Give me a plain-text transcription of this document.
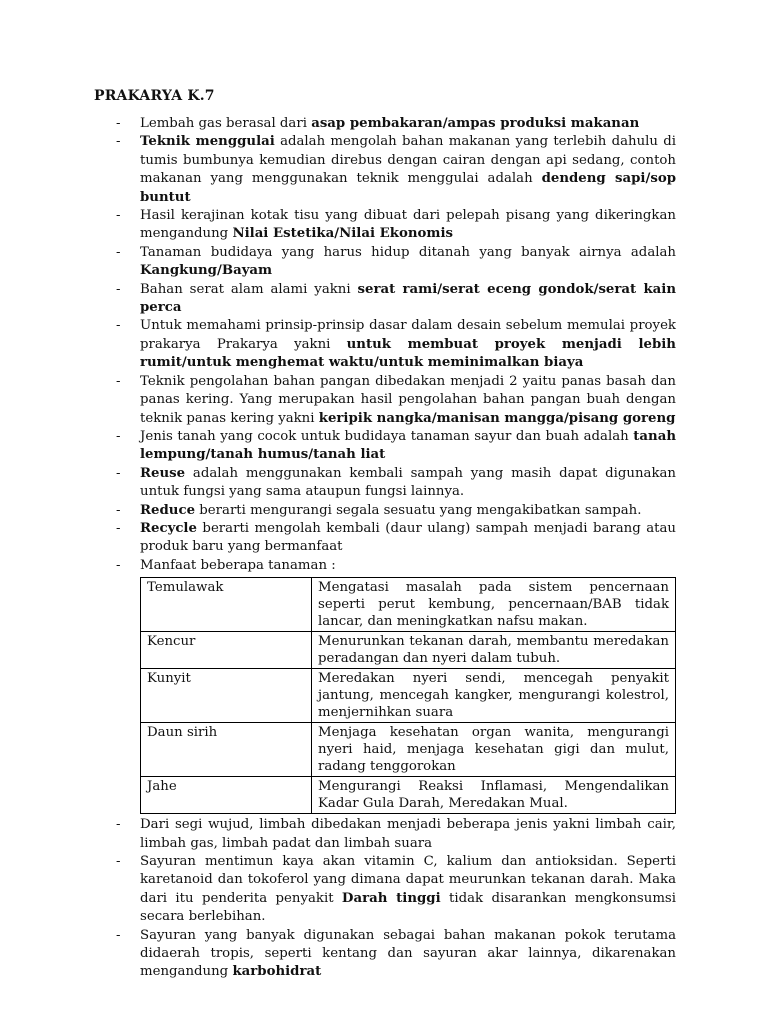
PRAKARYA K.7
- Lembah gas berasal dari asap pembakaran/ampas produksi makanan
- Teknik menggulai adalah mengolah bahan makanan yang terlebih dahulu di tumis bumbunya kemudian direbus dengan cairan dengan api sedang, contoh makanan yang menggunakan teknik menggulai adalah dendeng sapi/sop buntut
- Hasil kerajinan kotak tisu yang dibuat dari pelepah pisang yang dikeringkan mengandung Nilai Estetika/Nilai Ekonomis
- Tanaman budidaya yang harus hidup ditanah yang banyak airnya adalah Kangkung/Bayam
- Bahan serat alam alami yakni serat rami/serat eceng gondok/serat kain perca
- Untuk memahami prinsip-prinsip dasar dalam desain sebelum memulai proyek prakarya Prakarya yakni untuk membuat proyek menjadi lebih rumit/untuk menghemat waktu/untuk meminimalkan biaya
- Teknik pengolahan bahan pangan dibedakan menjadi 2 yaitu panas basah dan panas kering. Yang merupakan hasil pengolahan bahan pangan buah dengan teknik panas kering yakni keripik nangka/manisan mangga/pisang goreng
- Jenis tanah yang cocok untuk budidaya tanaman sayur dan buah adalah tanah lempung/tanah humus/tanah liat
- Reuse adalah menggunakan kembali sampah yang masih dapat digunakan untuk fungsi yang sama ataupun fungsi lainnya.
- Reduce berarti mengurangi segala sesuatu yang mengakibatkan sampah.
- Recycle berarti mengolah kembali (daur ulang) sampah menjadi barang atau produk baru yang bermanfaat
- Manfaat beberapa tanaman :
Temulawak	Mengatasi masalah pada sistem pencernaan seperti perut kembung, pencernaan/BAB tidak lancar, dan meningkatkan nafsu makan.
Kencur	Menurunkan tekanan darah, membantu meredakan peradangan dan nyeri dalam tubuh.
Kunyit	Meredakan nyeri sendi, mencegah penyakit jantung, mencegah kangker, mengurangi kolestrol, menjernihkan suara
Daun sirih	Menjaga kesehatan organ wanita, mengurangi nyeri haid, menjaga kesehatan gigi dan mulut, radang tenggorokan
Jahe	Mengurangi Reaksi Inflamasi, Mengendalikan Kadar Gula Darah, Meredakan Mual.
- Dari segi wujud, limbah dibedakan menjadi beberapa jenis yakni limbah cair, limbah gas, limbah padat dan limbah suara
- Sayuran mentimun kaya akan vitamin C, kalium dan antioksidan. Seperti karetanoid dan tokoferol yang dimana dapat meurunkan tekanan darah. Maka dari itu penderita penyakit Darah tinggi tidak disarankan mengkonsumsi secara berlebihan.
- Sayuran yang banyak digunakan sebagai bahan makanan pokok terutama didaerah tropis, seperti kentang dan sayuran akar lainnya, dikarenakan mengandung karbohidrat
